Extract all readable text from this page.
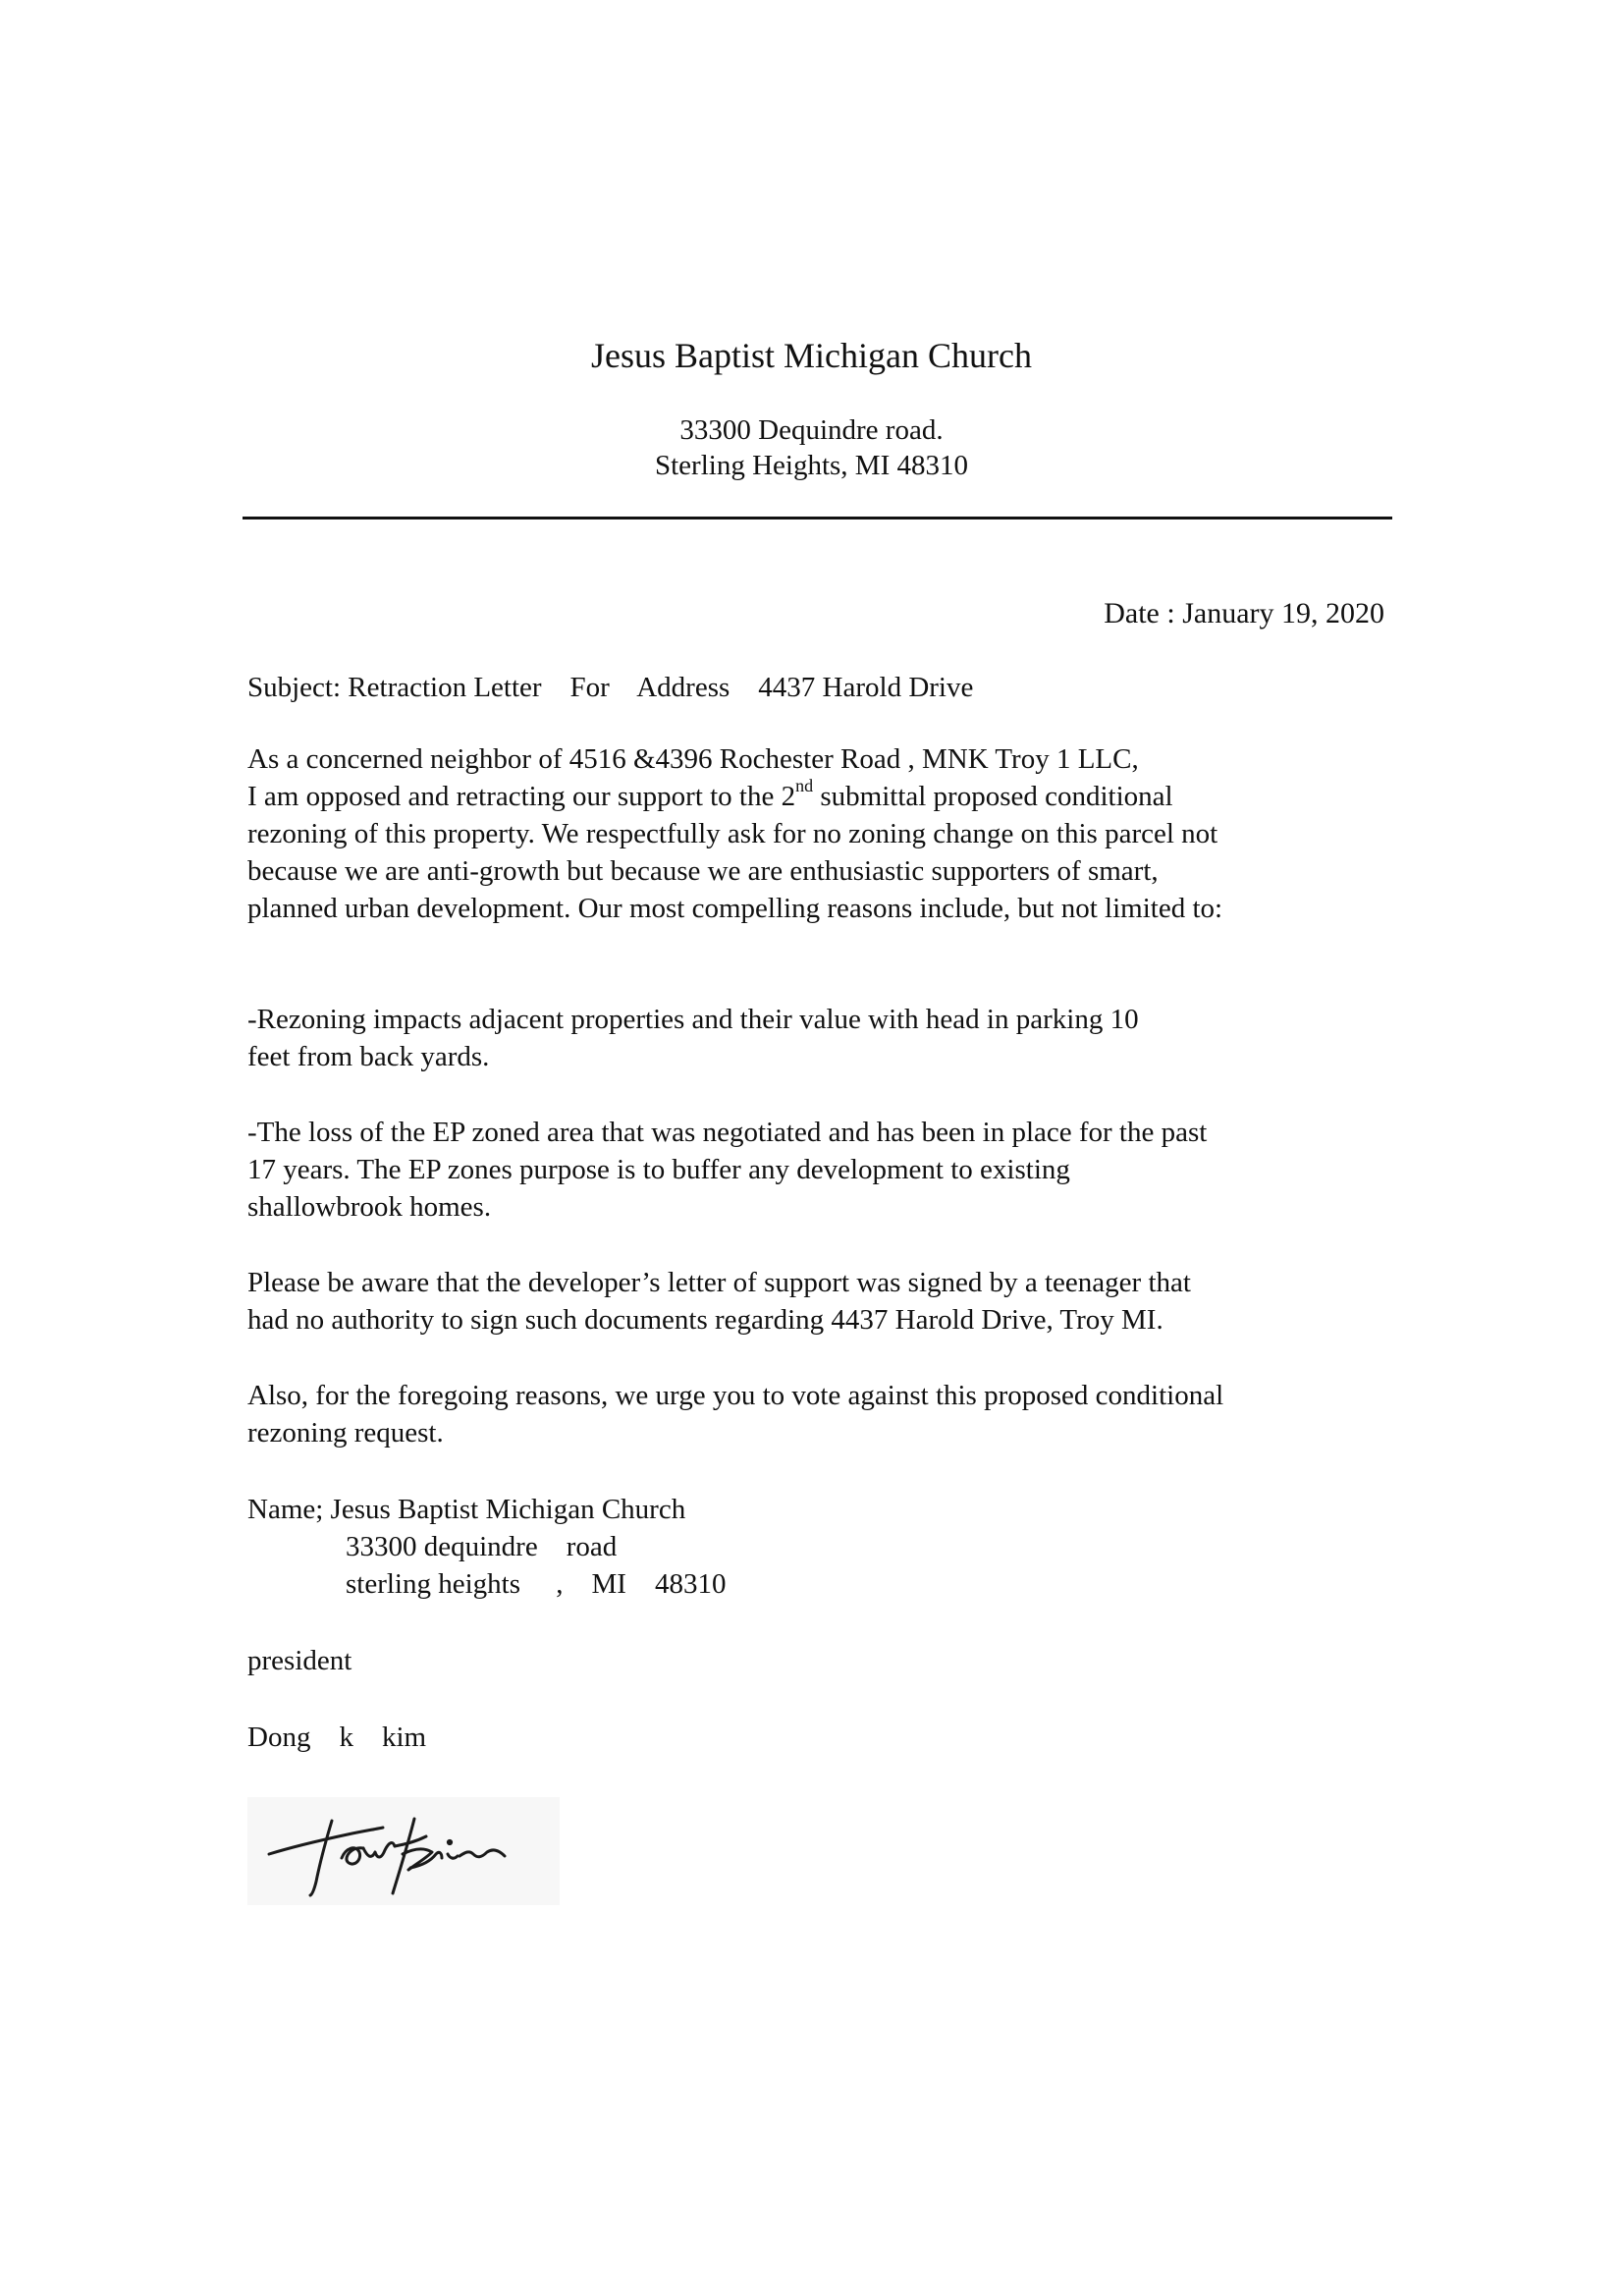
Jesus Baptist Michigan Church
33300 Dequindre road.
Sterling Heights, MI 48310
Date : January 19, 2020
Subject: Retraction Letter    For    Address    4437 Harold Drive
As a concerned neighbor of 4516 &4396 Rochester Road , MNK Troy 1 LLC,
I am opposed and retracting our support to the 2nd submittal proposed conditional
rezoning of this property. We respectfully ask for no zoning change on this parcel not
because we are anti-growth but because we are enthusiastic supporters of smart,
planned urban development. Our most compelling reasons include, but not limited to:
-Rezoning impacts adjacent properties and their value with head in parking 10
feet from back yards.
-The loss of the EP zoned area that was negotiated and has been in place for the past
17 years. The EP zones purpose is to buffer any development to existing
shallowbrook homes.
Please be aware that the developer’s letter of support was signed by a teenager that
had no authority to sign such documents regarding 4437 Harold Drive, Troy MI.
Also, for the foregoing reasons, we urge you to vote against this proposed conditional
rezoning request.
Name; Jesus Baptist Michigan Church
33300 dequindre    road
sterling heights     ,    MI    48310
president
Dong    k    kim
